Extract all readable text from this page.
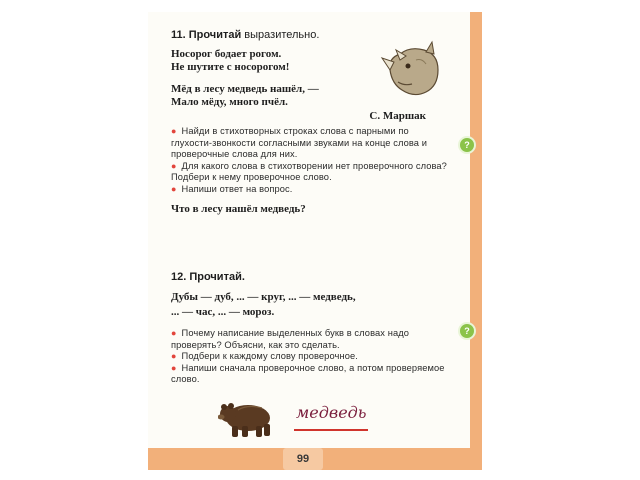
99
11. Прочитай выразительно.
Носорог бодает рогом.
Не шутите с носорогом!
Мёд в лесу медведь нашёл, —
Мало мёду, много пчёл.
С. Маршак
● Найди в стихотворных строках слова с парными по глухости-звонкости согласными звуками на конце слова и проверочные слова для них.
● Для какого слова в стихотворении нет проверочного слова? Подбери к нему проверочное слово.
● Напиши ответ на вопрос.
Что в лесу нашёл медведь?
12. Прочитай.
Дубы — дуб, ... — круг, ... — медведь,
... — час, ... — мороз.
● Почему написание выделенных букв в словах надо проверять? Объясни, как это сделать.
● Подбери к каждому слову проверочное.
● Напиши сначала проверочное слово, а потом проверяемое слово.
?
?
медведь
